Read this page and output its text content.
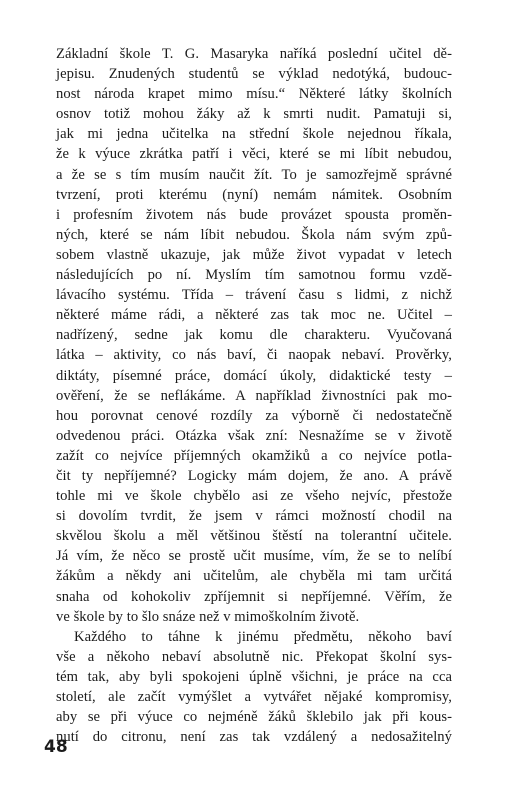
Základní škole T. G. Masaryka naříká poslední učitel dě-
jepisu. Znudených studentů se výklad nedotýká, budouc-
nost národa krapet mimo mísu.“ Některé látky školních
osnov totiž mohou žáky až k smrti nudit. Pamatuji si,
jak mi jedna učitelka na střední škole nejednou říkala,
že k výuce zkrátka patří i věci, které se mi líbit nebudou,
a že se s tím musím naučit žít. To je samozřejmě správné
tvrzení, proti kterému (nyní) nemám námitek. Osobním
i profesním životem nás bude provázet spousta proměn-
ných, které se nám líbit nebudou. Škola nám svým způ-
sobem vlastně ukazuje, jak může život vypadat v letech
následujících po ní. Myslím tím samotnou formu vzdě-
lávacího systému. Třída – trávení času s lidmi, z nichž
některé máme rádi, a některé zas tak moc ne. Učitel –
nadřízený, sedne jak komu dle charakteru. Vyučovaná
látka – aktivity, co nás baví, či naopak nebaví. Prověrky,
diktáty, písemné práce, domácí úkoly, didaktické testy –
ověření, že se neflákáme. A například živnostníci pak mo-
hou porovnat cenové rozdíly za výborně či nedostatečně
odvedenou práci. Otázka však zní: Nesnažíme se v životě
zažít co nejvíce příjemných okamžiků a co nejvíce potla-
čit ty nepříjemné? Logicky mám dojem, že ano. A právě
tohle mi ve škole chybělo asi ze všeho nejvíc, přestože
si dovolím tvrdit, že jsem v rámci možností chodil na
skvělou školu a měl většinou štěstí na tolerantní učitele.
Já vím, že něco se prostě učit musíme, vím, že se to nelíbí
žákům a někdy ani učitelům, ale chyběla mi tam určitá
snaha od kohokoliv zpříjemnit si nepříjemné. Věřím, že
ve škole by to šlo snáze než v mimoškolním životě.
Každého to táhne k jinému předmětu, někoho baví
vše a někoho nebaví absolutně nic. Překopat školní sys-
tém tak, aby byli spokojeni úplně všichni, je práce na cca
století, ale začít vymýšlet a vytvářet nějaké kompromisy,
aby se při výuce co nejméně žáků šklebilo jak při kous-
nutí do citronu, není zas tak vzdálený a nedosažitelný
48
